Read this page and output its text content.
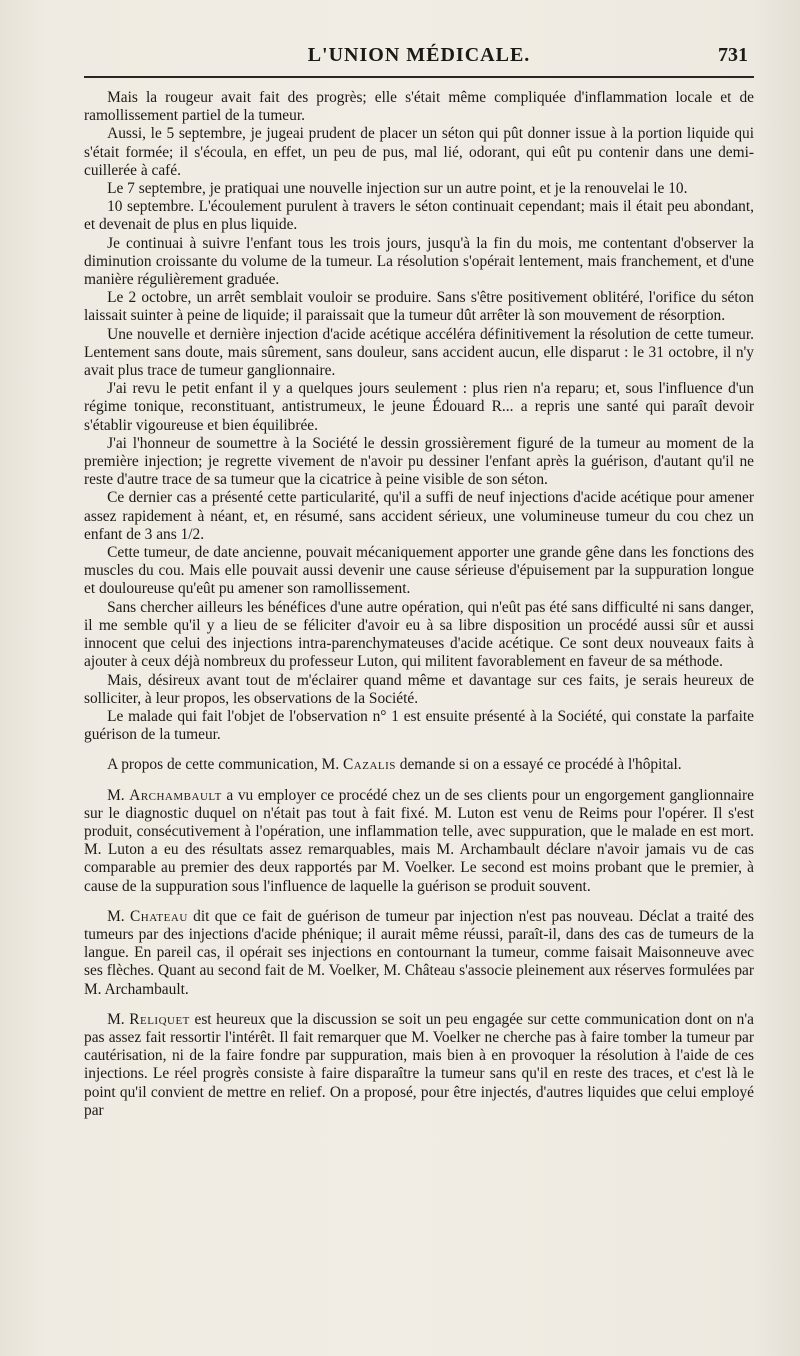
L'UNION MÉDICALE.	731

Mais la rougeur avait fait des progrès; elle s'était même compliquée d'inflammation locale et de ramollissement partiel de la tumeur.

Aussi, le 5 septembre, je jugeai prudent de placer un séton qui pût donner issue à la portion liquide qui s'était formée; il s'écoula, en effet, un peu de pus, mal lié, odorant, qui eût pu contenir dans une demi-cuillerée à café.

Le 7 septembre, je pratiquai une nouvelle injection sur un autre point, et je la renouvelai le 10.

10 septembre. L'écoulement purulent à travers le séton continuait cependant; mais il était peu abondant, et devenait de plus en plus liquide.

Je continuai à suivre l'enfant tous les trois jours, jusqu'à la fin du mois, me contentant d'observer la diminution croissante du volume de la tumeur. La résolution s'opérait lentement, mais franchement, et d'une manière régulièrement graduée.

Le 2 octobre, un arrêt semblait vouloir se produire. Sans s'être positivement oblitéré, l'orifice du séton laissait suinter à peine de liquide; il paraissait que la tumeur dût arrêter là son mouvement de résorption.

Une nouvelle et dernière injection d'acide acétique accéléra définitivement la résolution de cette tumeur. Lentement sans doute, mais sûrement, sans douleur, sans accident aucun, elle disparut : le 31 octobre, il n'y avait plus trace de tumeur ganglionnaire.

J'ai revu le petit enfant il y a quelques jours seulement : plus rien n'a reparu; et, sous l'influence d'un régime tonique, reconstituant, antistrumeux, le jeune Édouard R... a repris une santé qui paraît devoir s'établir vigoureuse et bien équilibrée.

J'ai l'honneur de soumettre à la Société le dessin grossièrement figuré de la tumeur au moment de la première injection; je regrette vivement de n'avoir pu dessiner l'enfant après la guérison, d'autant qu'il ne reste d'autre trace de sa tumeur que la cicatrice à peine visible de son séton.

Ce dernier cas a présenté cette particularité, qu'il a suffi de neuf injections d'acide acétique pour amener assez rapidement à néant, et, en résumé, sans accident sérieux, une volumineuse tumeur du cou chez un enfant de 3 ans 1/2.

Cette tumeur, de date ancienne, pouvait mécaniquement apporter une grande gêne dans les fonctions des muscles du cou. Mais elle pouvait aussi devenir une cause sérieuse d'épuisement par la suppuration longue et douloureuse qu'eût pu amener son ramollissement.

Sans chercher ailleurs les bénéfices d'une autre opération, qui n'eût pas été sans difficulté ni sans danger, il me semble qu'il y a lieu de se féliciter d'avoir eu à sa libre disposition un procédé aussi sûr et aussi innocent que celui des injections intra-parenchymateuses d'acide acétique. Ce sont deux nouveaux faits à ajouter à ceux déjà nombreux du professeur Luton, qui militent favorablement en faveur de sa méthode.

Mais, désireux avant tout de m'éclairer quand même et davantage sur ces faits, je serais heureux de solliciter, à leur propos, les observations de la Société.

Le malade qui fait l'objet de l'observation n° 1 est ensuite présenté à la Société, qui constate la parfaite guérison de la tumeur.

A propos de cette communication, M. Cazalis demande si on a essayé ce procédé à l'hôpital.

M. Archambault a vu employer ce procédé chez un de ses clients pour un engorgement ganglionnaire sur le diagnostic duquel on n'était pas tout à fait fixé. M. Luton est venu de Reims pour l'opérer. Il s'est produit, consécutivement à l'opération, une inflammation telle, avec suppuration, que le malade en est mort. M. Luton a eu des résultats assez remarquables, mais M. Archambault déclare n'avoir jamais vu de cas comparable au premier des deux rapportés par M. Voelker. Le second est moins probant que le premier, à cause de la suppuration sous l'influence de laquelle la guérison se produit souvent.

M. Chateau dit que ce fait de guérison de tumeur par injection n'est pas nouveau. Déclat a traité des tumeurs par des injections d'acide phénique; il aurait même réussi, paraît-il, dans des cas de tumeurs de la langue. En pareil cas, il opérait ses injections en contournant la tumeur, comme faisait Maisonneuve avec ses flèches. Quant au second fait de M. Voelker, M. Château s'associe pleinement aux réserves formulées par M. Archambault.

M. Reliquet est heureux que la discussion se soit un peu engagée sur cette communication dont on n'a pas assez fait ressortir l'intérêt. Il fait remarquer que M. Voelker ne cherche pas à faire tomber la tumeur par cautérisation, ni de la faire fondre par suppuration, mais bien à en provoquer la résolution à l'aide de ces injections. Le réel progrès consiste à faire disparaître la tumeur sans qu'il en reste des traces, et c'est là le point qu'il convient de mettre en relief. On a proposé, pour être injectés, d'autres liquides que celui employé par
